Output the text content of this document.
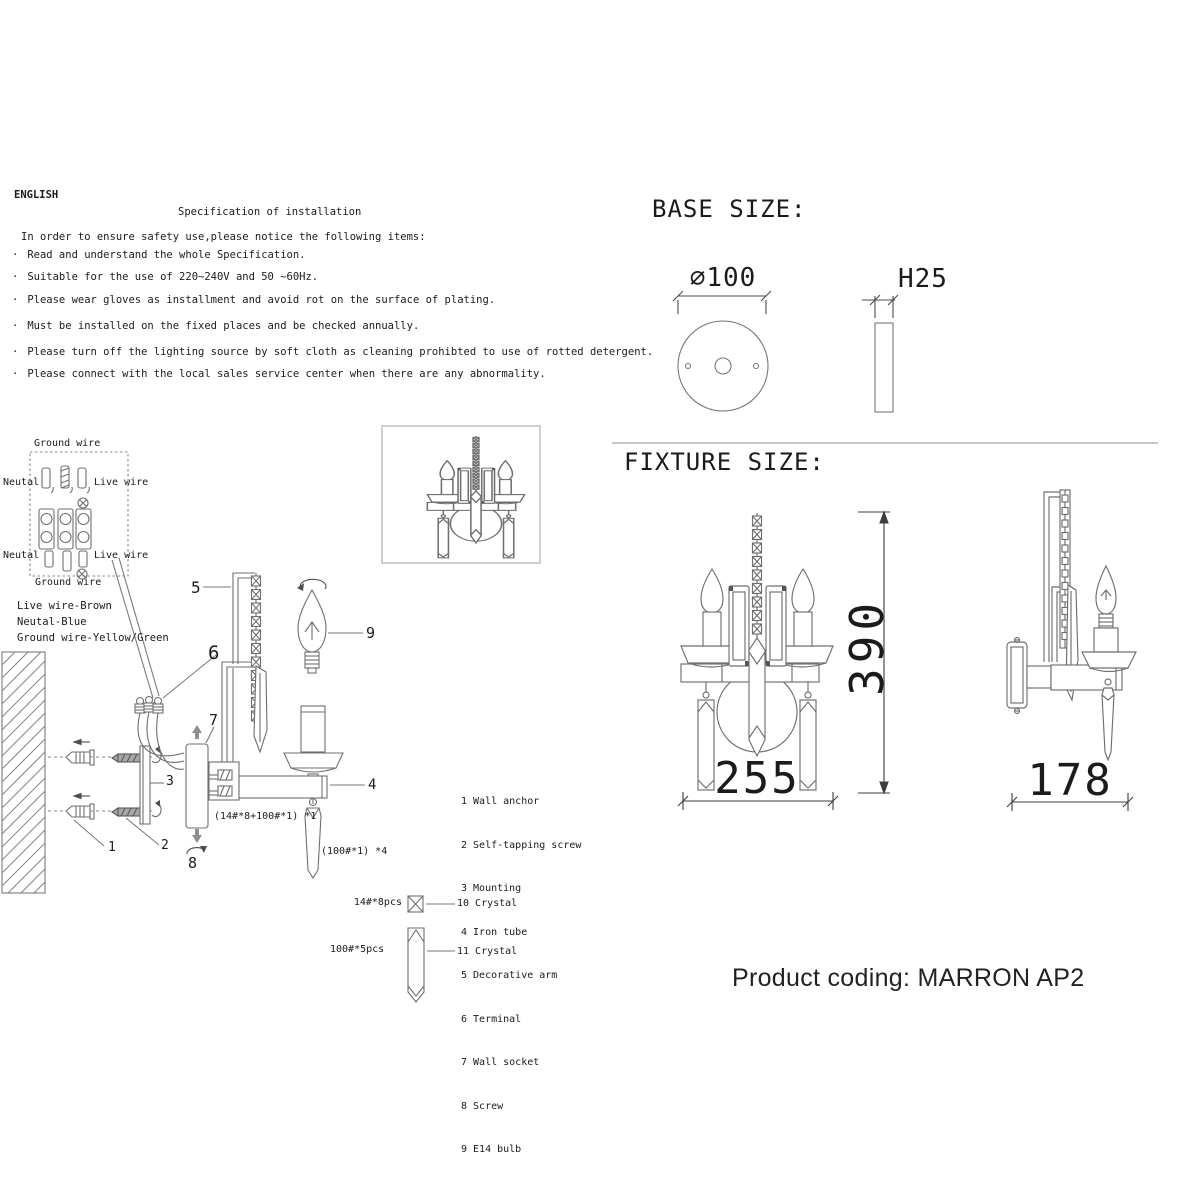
ENGLISH
Specification of installation
In order to ensure safety use,please notice the following items:
· Read and understand the whole Specification.
· Suitable for the use of 220~240V and 50 ~60Hz.
· Please wear gloves as installment and avoid rot on the surface of plating.
· Must be installed on the fixed places and be checked annually.
· Please turn off the lighting source by soft cloth as cleaning prohibted to use of rotted detergent.
· Please connect with the local sales service center when there are any abnormality.
BASE SIZE:
⌀100	H25
FIXTURE SIZE:
390
255	178
Ground wire
Neutal	Live wire
Neutal	Live wire
Ground wire
Live wire-Brown
Neutal-Blue
Ground wire-Yellow/Green
1	2
3	4
5
6
7
8
9
(14#*8+100#*1) *1
(100#*1) *4
14#*8pcs
100#*5pcs

1 Wall anchor

2 Self-tapping screw

3 Mounting

4 Iron tube

5 Decorative arm

6 Terminal

7 Wall socket

8 Screw

9 E14 bulb

10 Crystal
11 Crystal
Product coding: MARRON AP2
